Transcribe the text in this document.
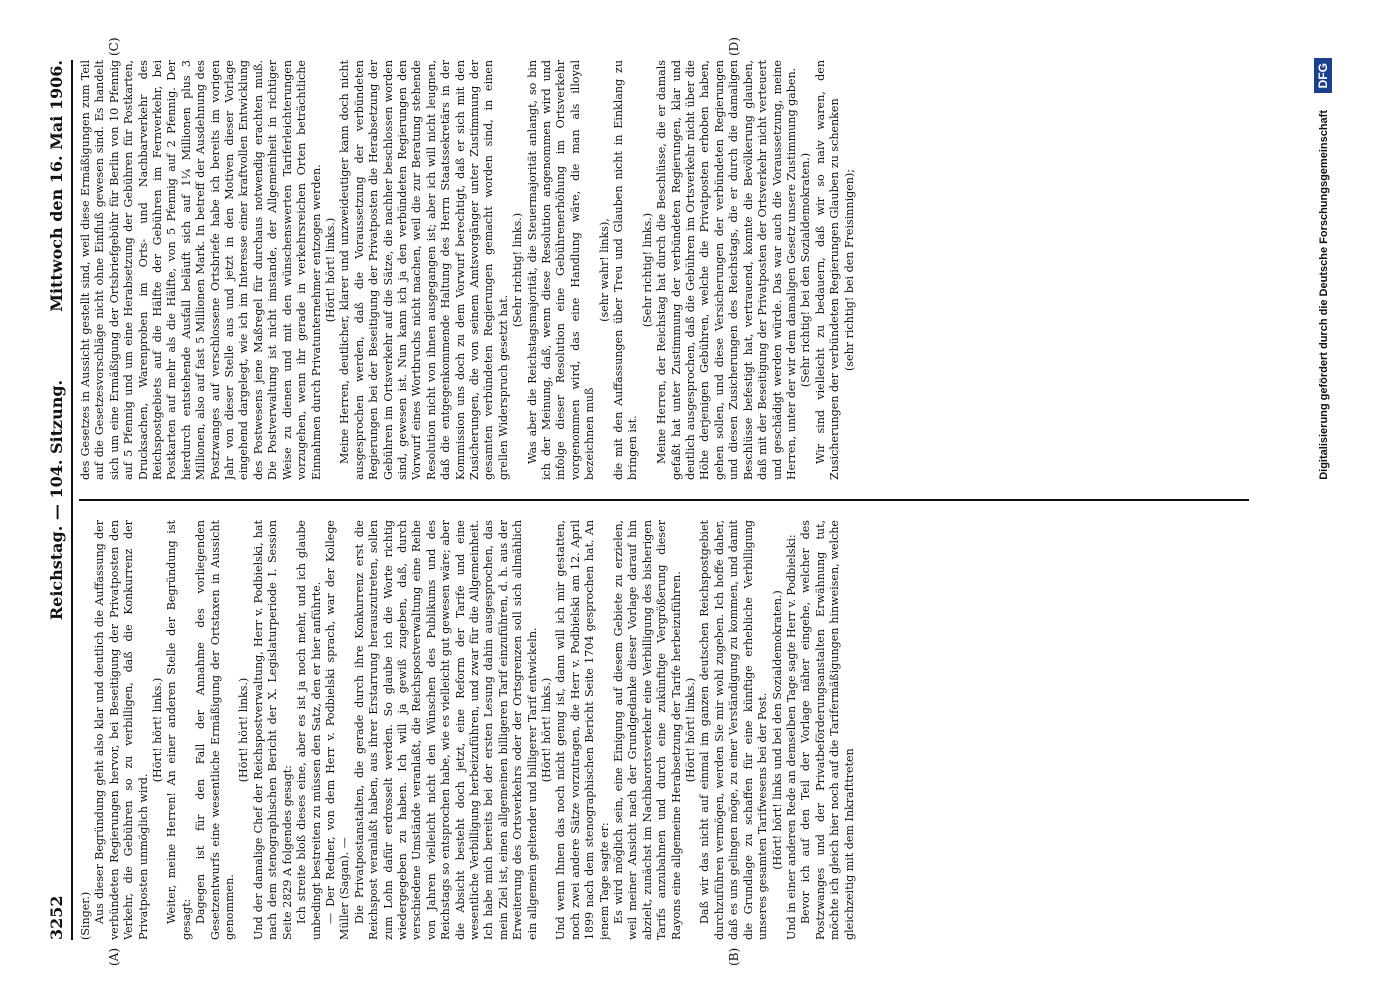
3252
Reichstag. — 104. Sitzung.
Mittwoch den 16. Mai 1906.
(A)	(B)
(C)	(D)

(Singer.) Aus dieser Begründung geht also klar und deutlich die Auffassung der verbündeten Regierungen hervor, bei Beseitigung der Privatposten den Verkehr, die Gebühren so zu verbilligen, daß die Konkurrenz der Privatposten unmöglich wird.

(Hört! hört! links.) Weiter, meine Herren! An einer anderen Stelle der Begründung ist gesagt: Dagegen ist für den Fall der Annahme des vorliegenden Gesetzentwurfs eine wesentliche Ermäßigung der Ortstaxen in Aussicht genommen.

(Hört! hört! links.) Und der damalige Chef der Reichspostverwaltung, Herr v. Podbielski, hat nach dem stenographischen Bericht der X. Legislaturperiode I. Session Seite 2829 A folgendes gesagt: Ich streite bloß dieses eine, aber es ist ja noch mehr, und ich glaube unbedingt bestreiten zu müssen den Satz, den er hier anführte. — Der Redner, von dem Herr v. Podbielski sprach, war der Kollege Müller (Sagan). — Die Privatpostanstalten, die gerade durch ihre Konkurrenz erst die Reichspost veranlaßt haben, aus ihrer Erstarrung herauszutreten, sollen zum Lohn dafür erdrosselt werden. So glaube ich die Worte richtig wiedergegeben zu haben. Ich will ja gewiß zugeben, daß, durch verschiedene Umstände veranlaßt, die Reichspostverwaltung eine Reihe von Jahren vielleicht nicht den Wünschen des Publikums und des Reichstags so entsprochen habe, wie es vielleicht gut gewesen wäre; aber die Absicht besteht doch jetzt, eine Reform der Tarife und eine wesentliche Verbilligung herbeizuführen, und zwar für die Allgemeinheit. Ich habe mich bereits bei der ersten Lesung dahin ausgesprochen, das mein Ziel ist, einen allgemeinen billigeren Tarif einzuführen, d. h. aus der Erweiterung des Ortsverkehrs oder der Ortsgrenzen soll sich allmählich ein allgemein geltender und billigerer Tarif entwickeln. (Hört! hört! links.) Und wenn Ihnen das noch nicht genug ist, dann will ich mir gestatten, noch zwei andere Sätze vorzutragen, die Herr v. Podbielski am 12. April 1899 nach dem stenographischen Bericht Seite 1704 gesprochen hat. An jenem Tage sagte er: Es wird möglich sein, eine Einigung auf diesem Gebiete zu erzielen, weil meiner Ansicht nach der Grundgedanke dieser Vorlage darauf hin abzielt, zunächst im Nachbarortsverkehr eine Verbilligung des bisherigen Tarifs anzubahnen und durch eine zukünftige Vergrößerung dieser Rayons eine allgemeine Herabsetzung der Tarife herbeizuführen. (Hört! hört! links.) Daß wir das nicht auf einmal im ganzen deutschen Reichspostgebiet durchzuführen vermögen, werden Sie mir wohl zugeben. Ich hoffe daher, daß es uns gelingen möge, zu einer Verständigung zu kommen, und damit die Grundlage zu schaffen für eine künftige erhebliche Verbilligung unseres gesamten Tarifwesens bei der Post. (Hört! hört! links und bei den Sozialdemokraten.) Und in einer anderen Rede an demselben Tage sagte Herr v. Podbielski: Bevor ich auf den Teil der Vorlage näher eingehe, welcher des Postzwanges und der Privatbeförderungsanstalten Erwähnung tut, möchte ich gleich hier noch auf die Tarifermäßigungen hinweisen, welche gleichzeitig mit dem Inkrafttreten

des Gesetzes in Aussicht gestellt sind, weil diese Ermäßigungen zum Teil auf die Gesetzesvorschläge nicht ohne Einfluß gewesen sind. Es handelt sich um eine Ermäßigung der Ortsbriefgebühr für Berlin von 10 Pfennig auf 5 Pfennig und um eine Herabsetzung der Gebühren für Postkarten, Drucksachen, Warenproben im Orts- und Nachbarverkehr des Reichspostgebiets auf die Hälfte der Gebühren im Fernverkehr, bei Postkarten auf mehr als die Hälfte, von 5 Pfennig auf 2 Pfennig. Der hierdurch entstehende Ausfall beläuft sich auf 1¼ Millionen plus 3 Millionen, also auf fast 5 Millionen Mark. In betreff der Ausdehnung des Postzwanges auf verschlossene Ortsbriefe habe ich bereits im vorigen Jahr von dieser Stelle aus und jetzt in den Motiven dieser Vorlage eingehend dargelegt, wie ich im Interesse einer kraftvollen Entwicklung des Postwesens jene Maßregel für durchaus notwendig erachten muß. Die Postverwaltung ist nicht imstande, der Allgemeinheit in richtiger Weise zu dienen und mit den wünschenswerten Tariferleichterungen vorzugehen, wenn ihr gerade in verkehrsreichen Orten beträchtliche Einnahmen durch Privatunternehmer entzogen werden. (Hört! hört! links.) Meine Herren, deutlicher, klarer und unzweideutiger kann doch nicht ausgesprochen werden, daß die Voraussetzung der verbündeten Regierungen bei der Beseitigung der Privatposten die Herabsetzung der Gebühren im Ortsverkehr auf die Sätze, die nachher beschlossen worden sind, gewesen ist. Nun kann ich ja den verbündeten Regierungen den Vorwurf eines Wortbruchs nicht machen, weil die zur Beratung stehende Resolution nicht von ihnen ausgegangen ist; aber ich will nicht leugnen, daß die entgegenkommende Haltung des Herrn Staatssekretärs in der Kommission uns doch zu dem Vorwurf berechtigt, daß er sich mit den Zusicherungen, die von seinem Amtsvorgänger unter Zustimmung der gesamten verbündeten Regierungen gemacht worden sind, in einen grellen Widerspruch gesetzt hat.

(Sehr richtig! links.) Was aber die Reichstagsmajorität, die Steuermajorität anlangt, so bin ich der Meinung, daß, wenn diese Resolution angenommen wird und infolge dieser Resolution eine Gebührenerhöhung im Ortsverkehr vorgenommen wird, das eine Handlung wäre, die man als illoyal bezeichnen muß

(sehr wahr! links), die mit den Auffassungen über Treu und Glauben nicht in Einklang zu bringen ist.

(Sehr richtig! links.) Meine Herren, der Reichstag hat durch die Beschlüsse, die er damals gefaßt hat unter Zustimmung der verbündeten Regierungen, klar und deutlich ausgesprochen, daß die Gebühren im Ortsverkehr nicht über die Höhe derjenigen Gebühren, welche die Privatposten erhoben haben, gehen sollen, und diese Versicherungen der verbündeten Regierungen und diesen Zusicherungen des Reichstags, die er durch die damaligen Beschlüsse befestigt hat, vertrauend, konnte die Bevölkerung glauben, daß mit der Beseitigung der Privatposten der Ortsverkehr nicht verteuert und geschädigt werden würde. Das war auch die Voraussetzung, meine Herren, unter der wir dem damaligen Gesetz unsere Zustimmung gaben. (Sehr richtig! bei den Sozialdemokraten.) Wir sind vielleicht zu bedauern, daß wir so naiv waren, den Zusicherungen der verbündeten Regierungen Glauben zu schenken (sehr richtig! bei den Freisinnigen);	Digitalisierung gefördert durch die Deutsche Forschungsgemeinschaft
DFG
